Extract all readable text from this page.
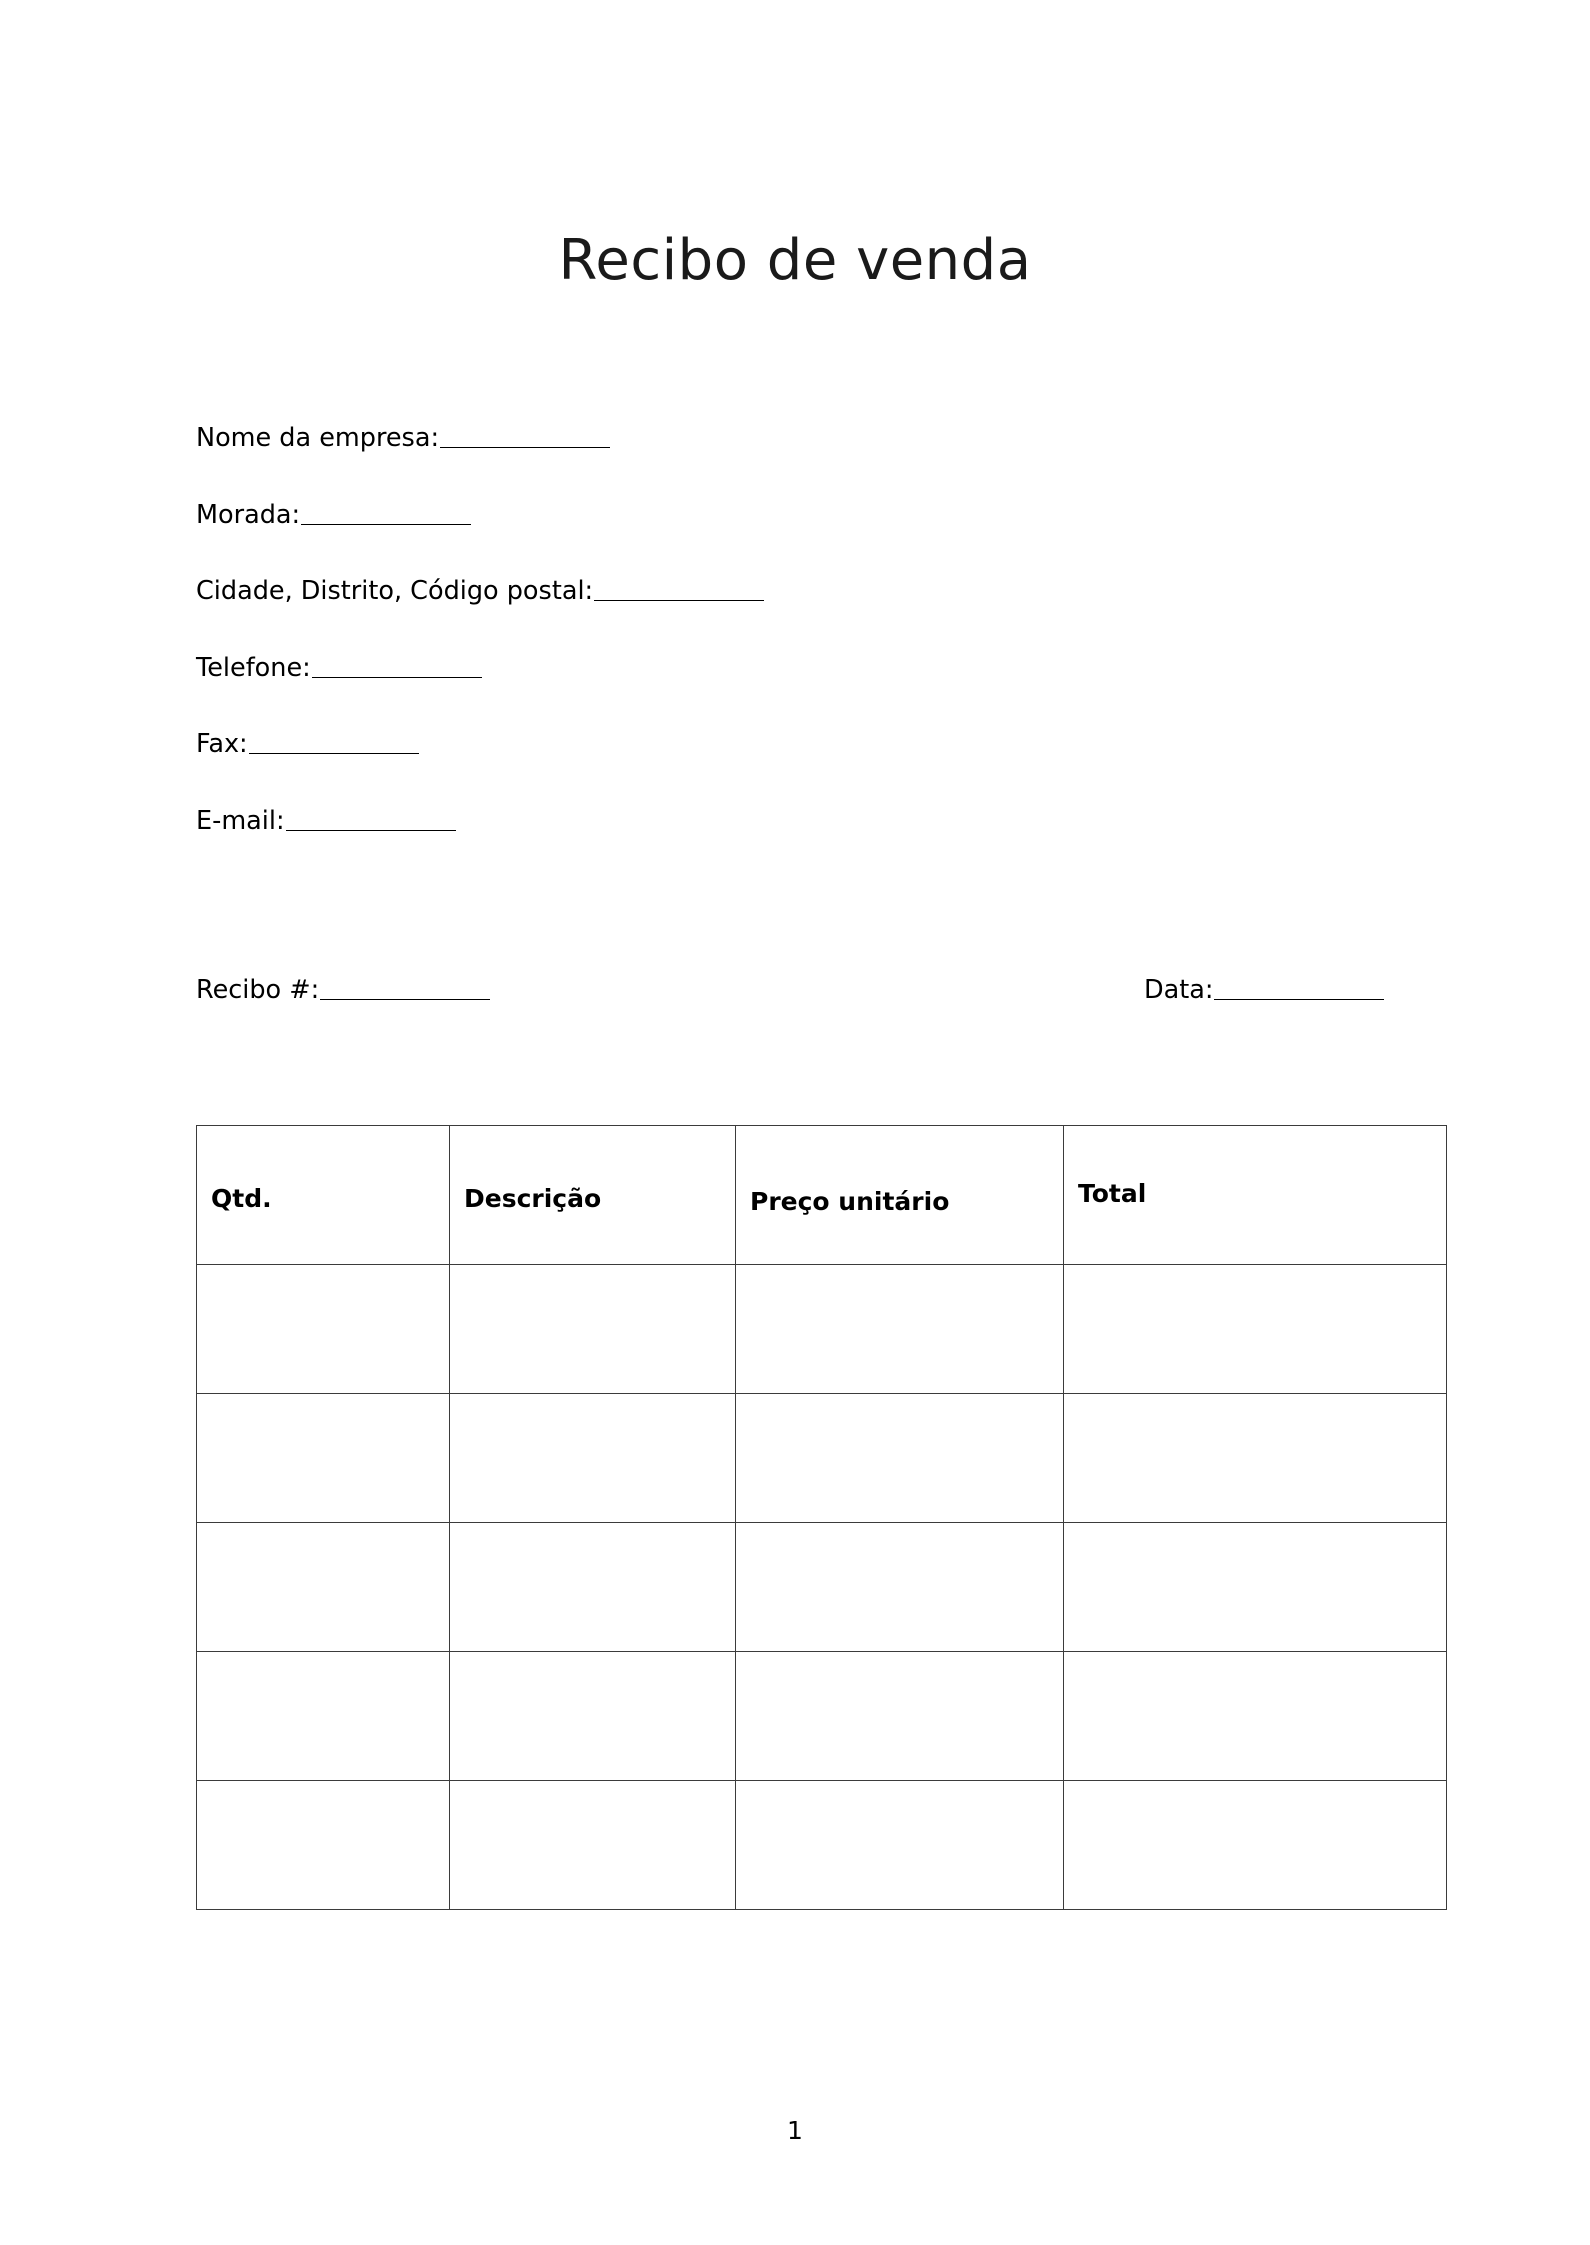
Recibo de venda
Nome da empresa:
Morada:
Cidade, Distrito, Código postal:
Telefone:
Fax:
E-mail:
Recibo #:	Data:
Qtd.	Descrição	Preço unitário	Total

1
